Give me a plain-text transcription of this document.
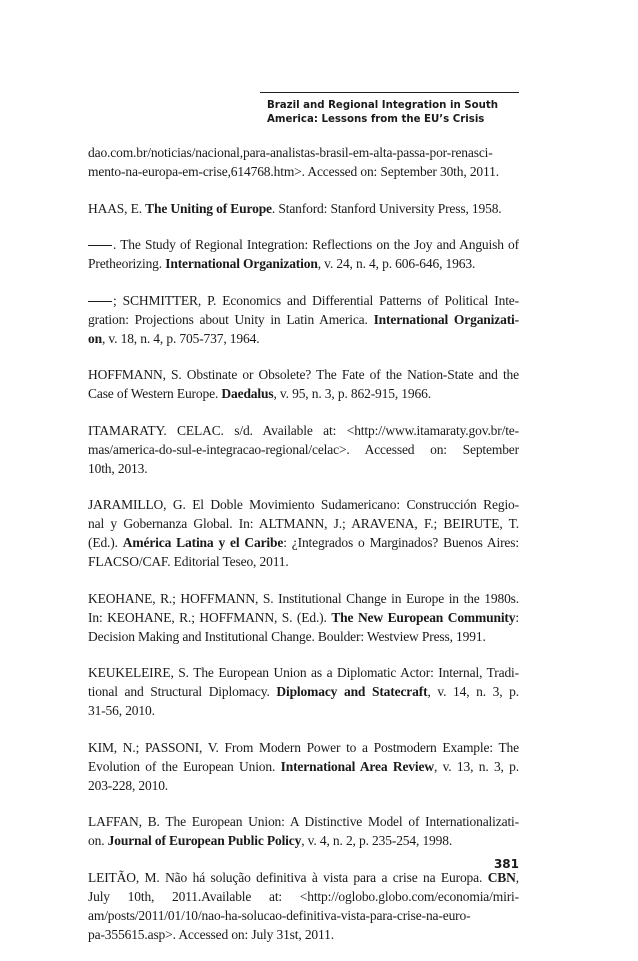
Brazil and Regional Integration in South
America: Lessons from the EU’s Crisis
dao.com.br/noticias/nacional,para-analistas-brasil-em-alta-passa-por-renasci-
mento-na-europa-em-crise,614768.htm>. Accessed on: September 30th, 2011.
HAAS, E. The Uniting of Europe. Stanford: Stanford University Press, 1958.
. The Study of Regional Integration: Reflections on the Joy and Anguish of
Pretheorizing. International Organization, v. 24, n. 4, p. 606-646, 1963.
; SCHMITTER, P. Economics and Differential Patterns of Political Inte-
gration: Projections about Unity in Latin America. International Organizati-
on, v. 18, n. 4, p. 705-737, 1964.
HOFFMANN, S. Obstinate or Obsolete? The Fate of the Nation-State and the
Case of Western Europe. Daedalus, v. 95, n. 3, p. 862-915, 1966.
ITAMARATY. CELAC. s/d. Available at: <http://www.itamaraty.gov.br/te-
mas/america-do-sul-e-integracao-regional/celac>. Accessed on: September
10th, 2013.
JARAMILLO, G. El Doble Movimiento Sudamericano: Construcción Regio-
nal y Gobernanza Global. In: ALTMANN, J.; ARAVENA, F.; BEIRUTE, T.
(Ed.). América Latina y el Caribe: ¿Integrados o Marginados? Buenos Aires:
FLACSO/CAF. Editorial Teseo, 2011.
KEOHANE, R.; HOFFMANN, S. Institutional Change in Europe in the 1980s.
In: KEOHANE, R.; HOFFMANN, S. (Ed.). The New European Community:
Decision Making and Institutional Change. Boulder: Westview Press, 1991.
KEUKELEIRE, S. The European Union as a Diplomatic Actor: Internal, Tradi-
tional and Structural Diplomacy. Diplomacy and Statecraft, v. 14, n. 3, p.
31-56, 2010.
KIM, N.; PASSONI, V. From Modern Power to a Postmodern Example: The
Evolution of the European Union. International Area Review, v. 13, n. 3, p.
203-228, 2010.
LAFFAN, B. The European Union: A Distinctive Model of Internationalizati-
on. Journal of European Public Policy, v. 4, n. 2, p. 235-254, 1998.
LEITÃO, M. Não há solução definitiva à vista para a crise na Europa. CBN,
July 10th, 2011.Available at: <http://oglobo.globo.com/economia/miri-
am/posts/2011/01/10/nao-ha-solucao-definitiva-vista-para-crise-na-euro-
pa-355615.asp>. Accessed on: July 31st, 2011.
381
